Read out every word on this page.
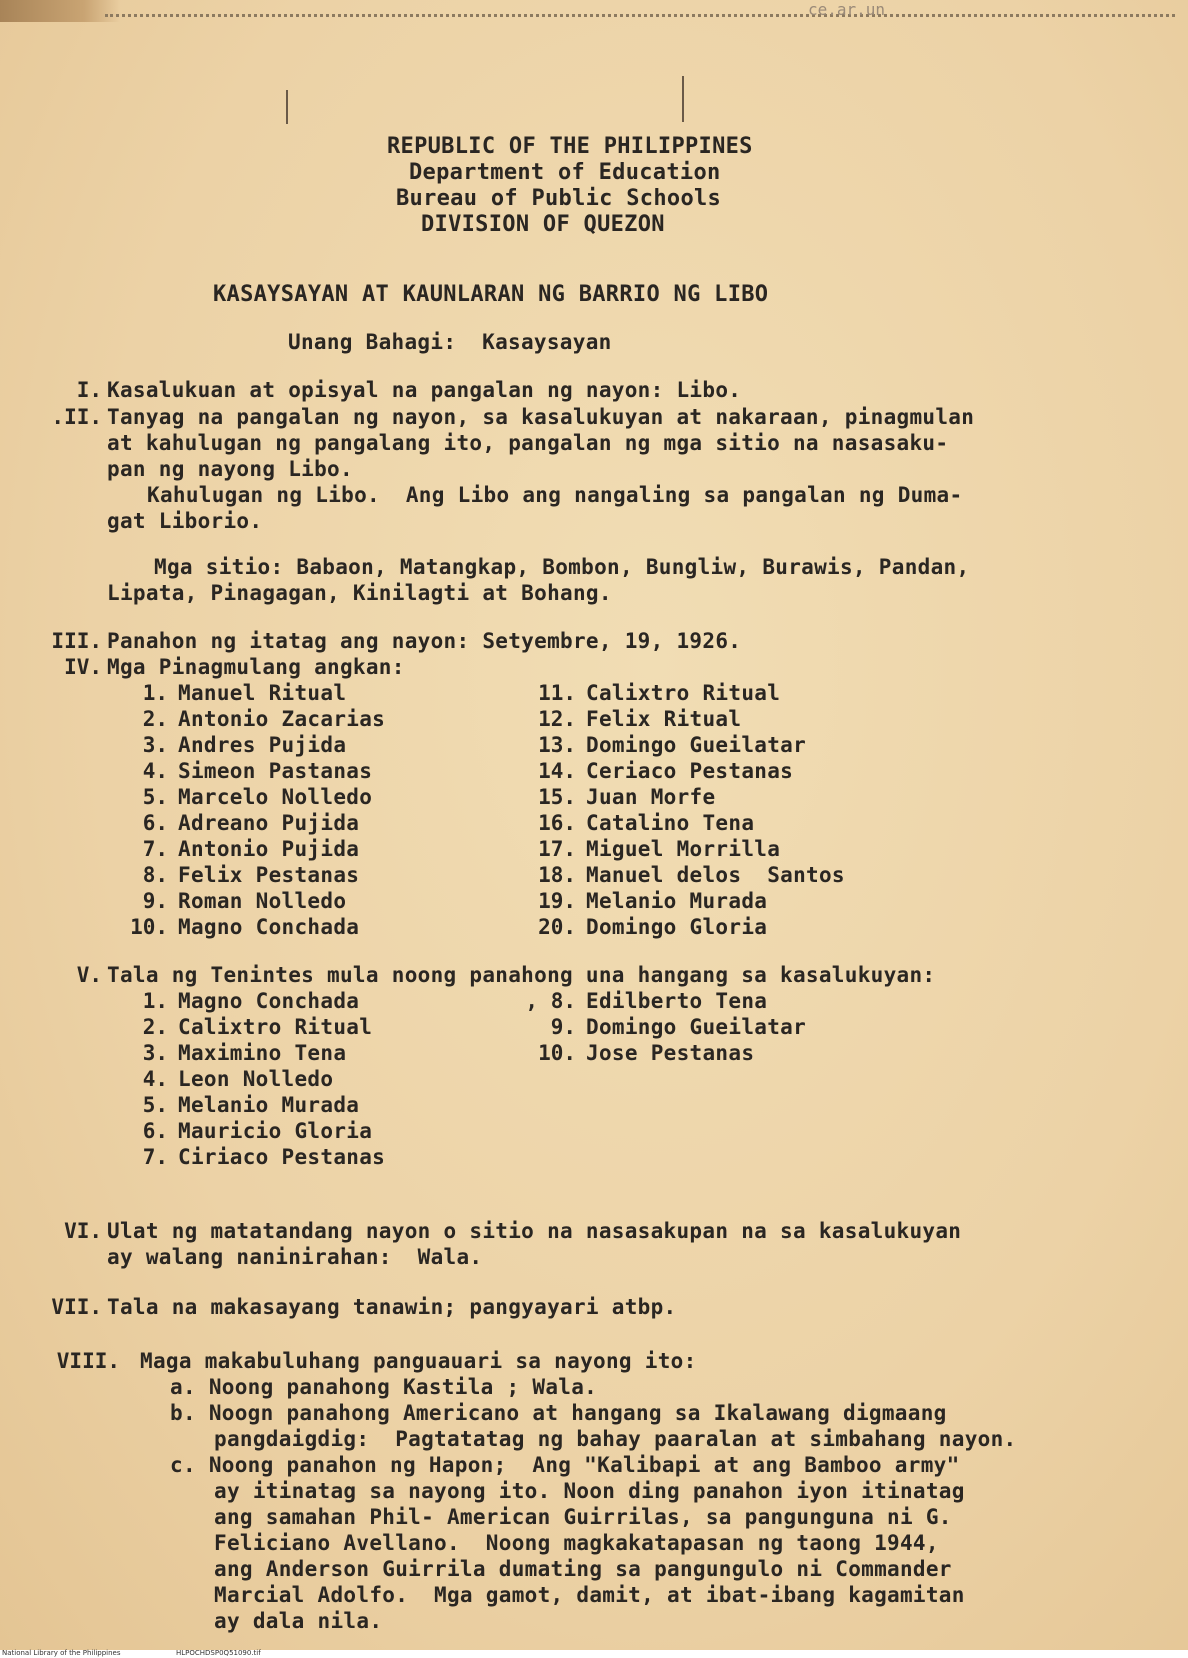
ce.ar.un
REPUBLIC OF THE PHILIPPINES
Department of Education
Bureau of Public Schools
DIVISION OF QUEZON
KASAYSAYAN AT KAUNLARAN NG BARRIO NG LIBO
Unang Bahagi:  Kasaysayan
I. Kasalukuan at opisyal na pangalan ng nayon: Libo.
.II. Tanyag na pangalan ng nayon, sa kasalukuyan at nakaraan, pinagmulan
at kahulugan ng pangalang ito, pangalan ng mga sitio na nasasaku-
pan ng nayong Libo.
Kahulugan ng Libo.  Ang Libo ang nangaling sa pangalan ng Duma-
gat Liborio.
Mga sitio: Babaon, Matangkap, Bombon, Bungliw, Burawis, Pandan,
Lipata, Pinagagan, Kinilagti at Bohang.
III. Panahon ng itatag ang nayon: Setyembre, 19, 1926.
IV. Mga Pinagmulang angkan:
1. Manuel Ritual
2. Antonio Zacarias
3. Andres Pujida
4. Simeon Pastanas
5. Marcelo Nolledo
6. Adreano Pujida
7. Antonio Pujida
8. Felix Pestanas
9. Roman Nolledo
10. Magno Conchada
11. Calixtro Ritual
12. Felix Ritual
13. Domingo Gueilatar
14. Ceriaco Pestanas
15. Juan Morfe
16. Catalino Tena
17. Miguel Morrilla
18. Manuel delos  Santos
19. Melanio Murada
20. Domingo Gloria
V. Tala ng Tenintes mula noong panahong una hangang sa kasalukuyan:
1. Magno Conchada
2. Calixtro Ritual
3. Maximino Tena
4. Leon Nolledo
5. Melanio Murada
6. Mauricio Gloria
7. Ciriaco Pestanas
, 8. Edilberto Tena
9. Domingo Gueilatar
10. Jose Pestanas
VI. Ulat ng matatandang nayon o sitio na nasasakupan na sa kasalukuyan
ay walang naninirahan:  Wala.
VII. Tala na makasayang tanawin; pangyayari atbp.
VIII. Maga makabuluhang panguauari sa nayong ito:
a. Noong panahong Kastila ; Wala.
b. Noogn panahong Americano at hangang sa Ikalawang digmaang
pangdaigdig:  Pagtatatag ng bahay paaralan at simbahang nayon.
c. Noong panahon ng Hapon;  Ang "Kalibapi at ang Bamboo army"
ay itinatag sa nayong ito. Noon ding panahon iyon itinatag
ang samahan Phil- American Guirrilas, sa pangunguna ni G.
Feliciano Avellano.  Noong magkakatapasan ng taong 1944,
ang Anderson Guirrila dumating sa pangungulo ni Commander
Marcial Adolfo.  Mga gamot, damit, at ibat-ibang kagamitan
ay dala nila.
National Library of the Philippines	HLPOCHDSP0Q51090.tif
